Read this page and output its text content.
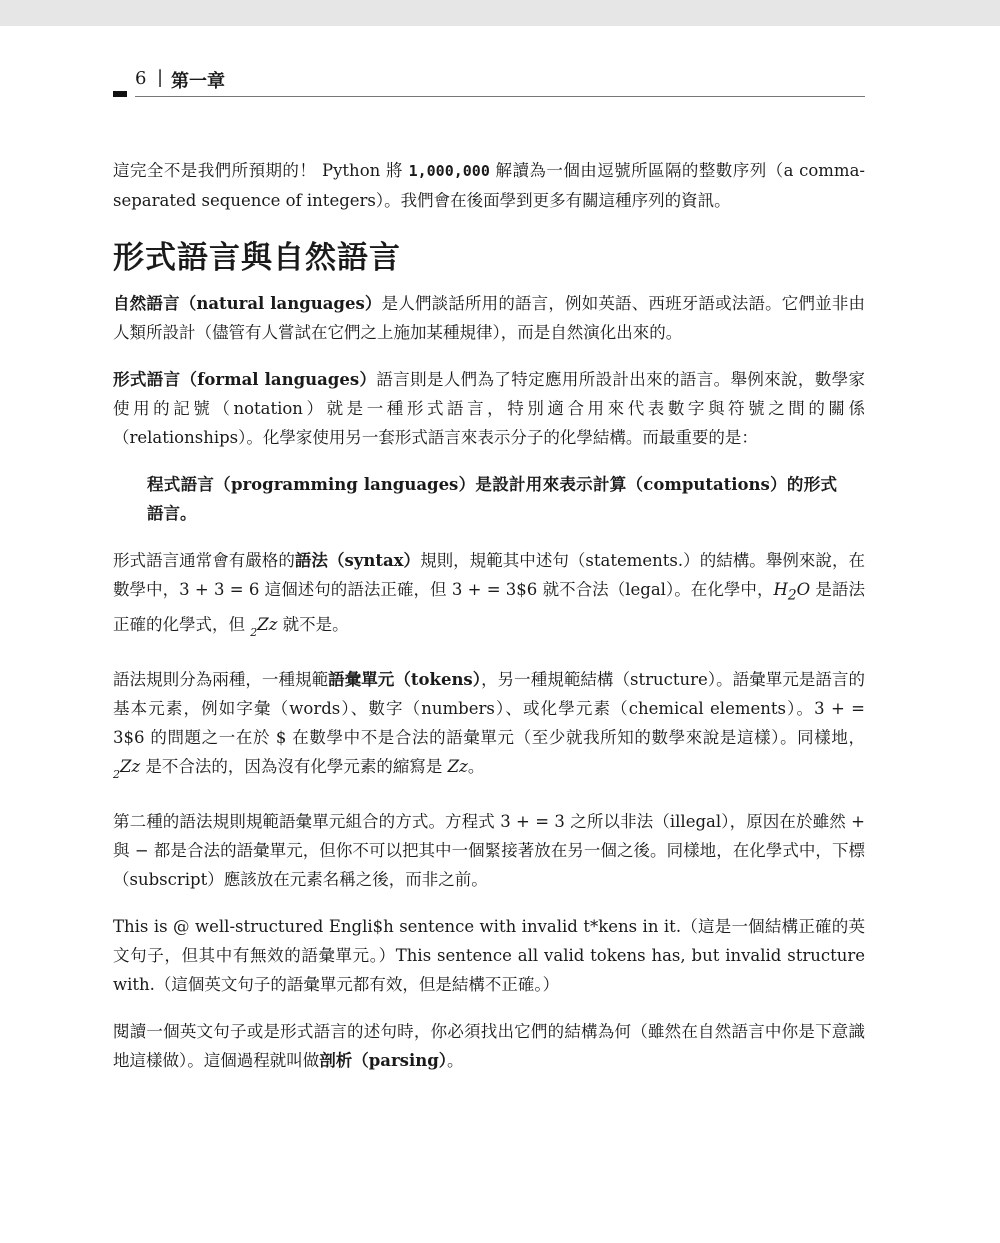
6 | 第一章

這完全不是我們所預期的！ Python 將 1,000,000 解讀為一個由逗號所區隔的整數序列（a comma-separated sequence of integers）。我們會在後面學到更多有關這種序列的資訊。

形式語言與自然語言

自然語言（natural languages）是人們談話所用的語言，例如英語、西班牙語或法語。它們並非由人類所設計（儘管有人嘗試在它們之上施加某種規律），而是自然演化出來的。

形式語言（formal languages）語言則是人們為了特定應用所設計出來的語言。舉例來說，數學家使用的記號（notation）就是一種形式語言，特別適合用來代表數字與符號之間的關係（relationships）。化學家使用另一套形式語言來表示分子的化學結構。而最重要的是：

程式語言（programming languages）是設計用來表示計算（computations）的形式語言。

形式語言通常會有嚴格的語法（syntax）規則，規範其中述句（statements.）的結構。舉例來說，在數學中，3 + 3 = 6 這個述句的語法正確，但 3 + = 3$6 就不合法（legal）。在化學中，$H_2O$ 是語法正確的化學式，但 $_2$Zz 就不是。

語法規則分為兩種，一種規範語彙單元（tokens），另一種規範結構（structure）。語彙單元是語言的基本元素，例如字彙（words）、數字（numbers）、或化學元素（chemical elements）。3 + = 3$6 的問題之一在於 $ 在數學中不是合法的語彙單元（至少就我所知的數學來說是這樣）。同樣地，$_2$Zz 是不合法的，因為沒有化學元素的縮寫是 Zz。

第二種的語法規則規範語彙單元組合的方式。方程式 3 + = 3 之所以非法（illegal），原因在於雖然 + 與 − 都是合法的語彙單元，但你不可以把其中一個緊接著放在另一個之後。同樣地，在化學式中，下標（subscript）應該放在元素名稱之後，而非之前。

This is @ well-structured Engli$h sentence with invalid t*kens in it.（這是一個結構正確的英文句子，但其中有無效的語彙單元。）This sentence all valid tokens has, but invalid structure with.（這個英文句子的語彙單元都有效，但是結構不正確。）

閱讀一個英文句子或是形式語言的述句時，你必須找出它們的結構為何（雖然在自然語言中你是下意識地這樣做）。這個過程就叫做剖析（parsing）。
